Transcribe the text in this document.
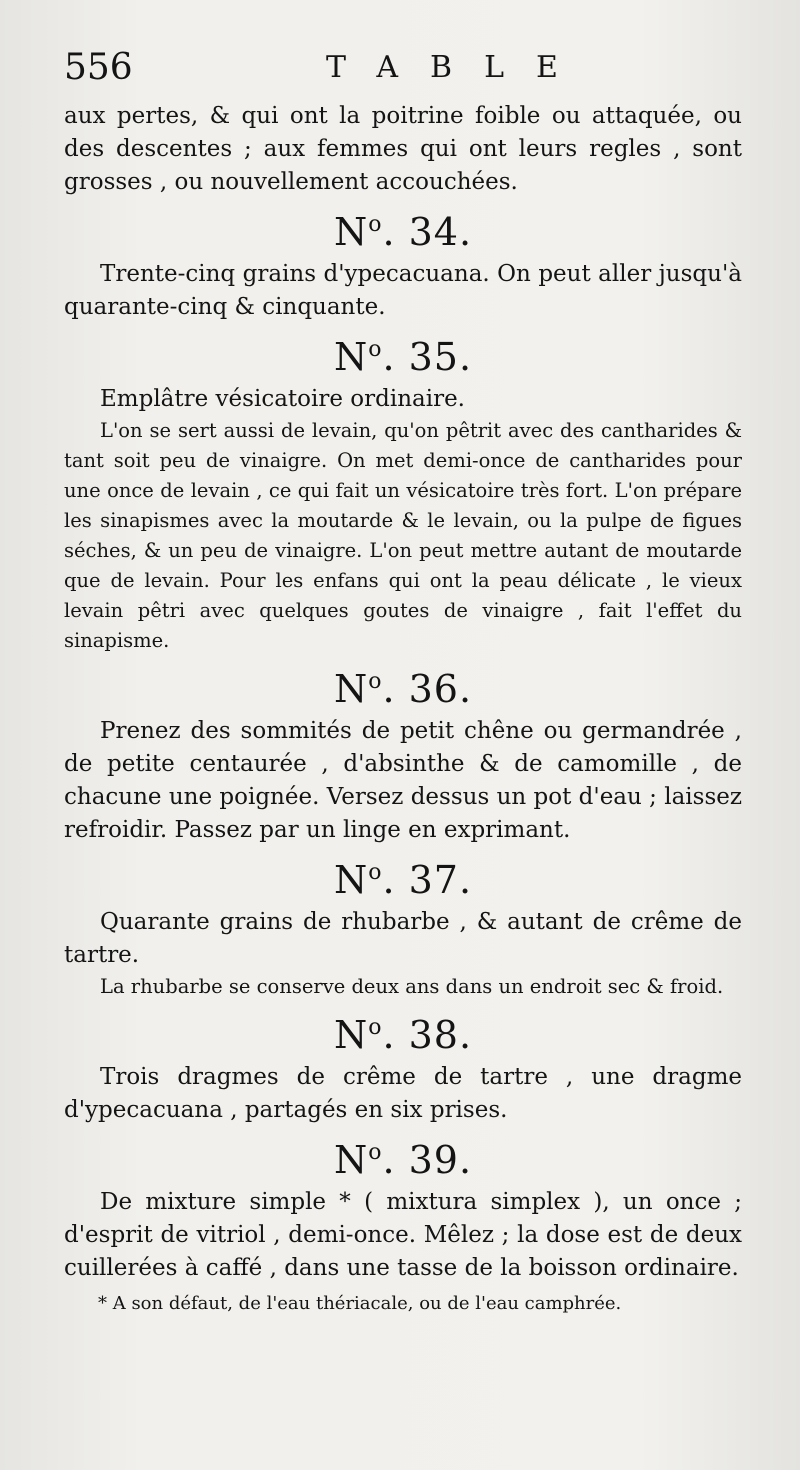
556	TABLE

aux pertes, & qui ont la poitrine foible ou attaquée, ou des descentes ; aux femmes qui ont leurs regles , sont grosses , ou nouvellement accouchées.

$N^o$. 34.

Trente-cinq grains d'ypecacuana. On peut aller jusqu'à quarante-cinq & cinquante.

$N^o$. 35.

Emplâtre vésicatoire ordinaire.

L'on se sert aussi de levain, qu'on pêtrit avec des cantharides & tant soit peu de vinaigre. On met demi-once de cantharides pour une once de levain , ce qui fait un vésicatoire très fort. L'on prépare les sinapismes avec la moutarde & le levain, ou la pulpe de figues séches, & un peu de vinaigre. L'on peut mettre autant de moutarde que de levain. Pour les enfans qui ont la peau délicate , le vieux levain pêtri avec quelques goutes de vinaigre , fait l'effet du sinapisme.

$N^o$. 36.

Prenez des sommités de petit chêne ou germandrée , de petite centaurée , d'absinthe & de camomille , de chacune une poignée. Versez dessus un pot d'eau ; laissez refroidir. Passez par un linge en exprimant.

$N^o$. 37.

Quarante grains de rhubarbe , & autant de crême de tartre.

La rhubarbe se conserve deux ans dans un endroit sec & froid.

$N^o$. 38.

Trois dragmes de crême de tartre , une dragme d'ypecacuana , partagés en six prises.

$N^o$. 39.

De mixture simple * ( mixtura simplex ), un once ; d'esprit de vitriol , demi-once. Mêlez ; la dose est de deux cuillerées à caffé , dans une tasse de la boisson ordinaire.

* A son défaut, de l'eau thériacale, ou de l'eau camphrée.
